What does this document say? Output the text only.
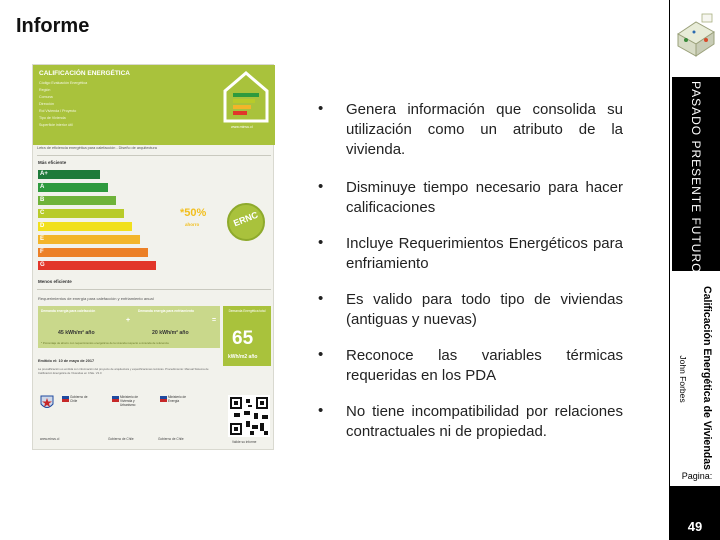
Informe
CALIFICACIÓN ENERGÉTICA
Código Evaluación Energética
Región
Comuna
Dirección
Rol Vivienda / Proyecto
Tipo de Vivienda
Superficie interior útil	www.minvu.cl
Letra de eficiencia energética para calefacción - Diseño de arquitectura
Más eficiente
A+
A
B
C
D
E
F
G
*50%
ahorro	ERNC
Menos eficiente
Requerimientos de energía para calefacción y enfriamiento anual
Demanda energía para calefacción	Demanda energía para enfriamiento
45 kWh/m² año	20 kWh/m² año
+	=
* Porcentaje de ahorro con requerimientos energéticos de la vivienda respecto a vivienda de referencia
Demanda Energética total
65
kWh/m2 año
Emitido el: 10 de mayo de 2017
La precalificación es emitida con información del proyecto de arquitectura y especificaciones técnicas. Procedimiento: Manual Sistema de Calificación Energética de Viviendas en Chile. V2.0
Gobierno de Chile
Ministerio de Vivienda y Urbanismo
Ministerio de Energía
www.minvu.cl	Gobierno de Chile	Gobierno de Chile
Valide su informe
• Genera información que consolida su utilización como un atributo de la vivienda.
• Disminuye tiempo necesario para hacer calificaciones
• Incluye Requerimientos Energéticos para enfriamiento
• Es valido para todo tipo de viviendas (antiguas y nuevas)
• Reconoce las variables térmicas requeridas en los PDA
• No tiene incompatibilidad por relaciones contractuales ni de propiedad.
PASADO PRESENTE FUTURO
Calificación Energética de Viviendas
John Forbes
Pagina:
49
